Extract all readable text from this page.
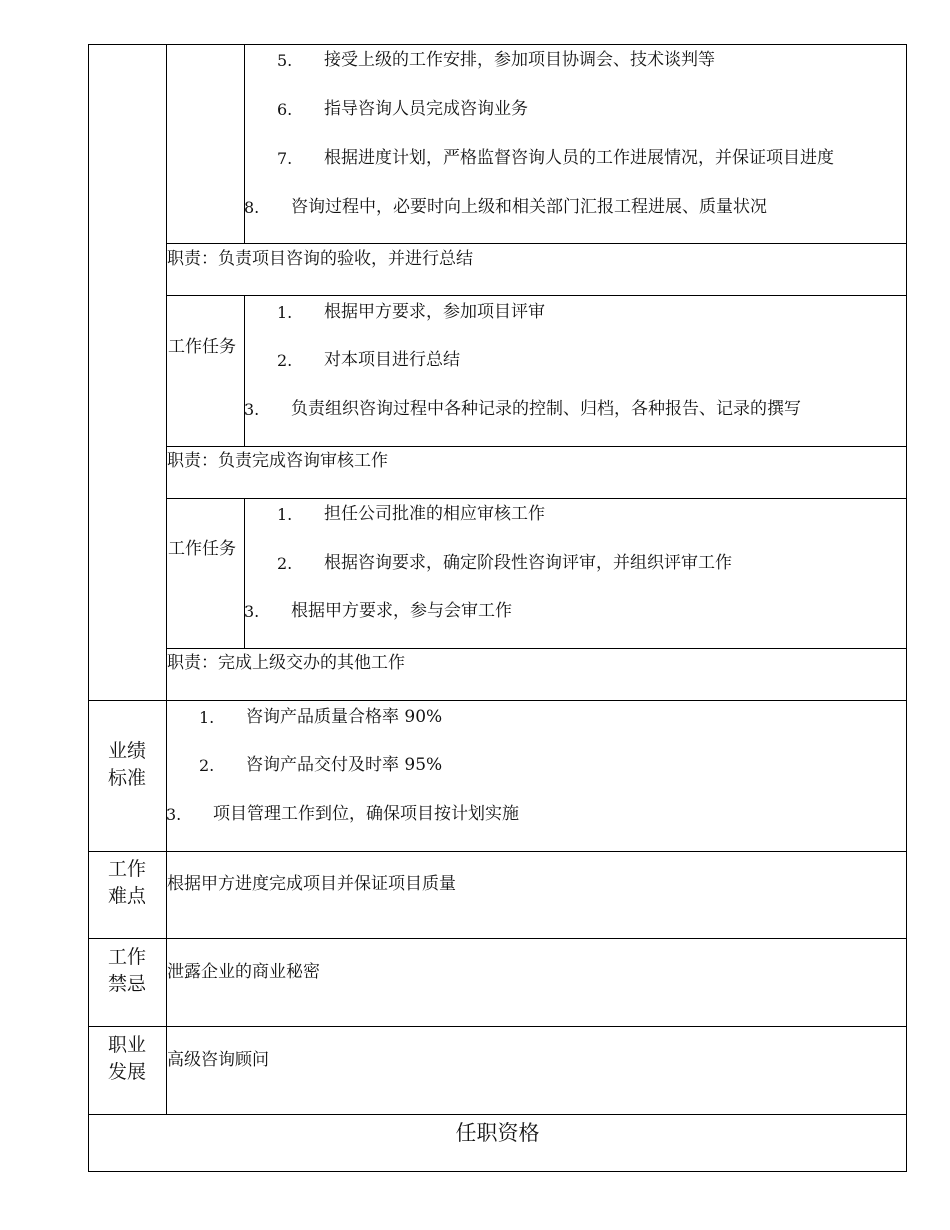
5. 接受上级的工作安排，参加项目协调会、技术谈判等
6. 指导咨询人员完成咨询业务
7. 根据进度计划，严格监督咨询人员的工作进展情况，并保证项目进度
8. 咨询过程中，必要时向上级和相关部门汇报工程进展、质量状况
职责：负责项目咨询的验收，并进行总结
工作任务
1. 根据甲方要求，参加项目评审
2. 对本项目进行总结
3. 负责组织咨询过程中各种记录的控制、归档，各种报告、记录的撰写
职责：负责完成咨询审核工作
工作任务
1. 担任公司批准的相应审核工作
2. 根据咨询要求，确定阶段性咨询评审，并组织评审工作
3. 根据甲方要求，参与会审工作
职责：完成上级交办的其他工作
业绩标准
1. 咨询产品质量合格率 90%
2. 咨询产品交付及时率 95%
3. 项目管理工作到位，确保项目按计划实施
工作难点
根据甲方进度完成项目并保证项目质量
工作禁忌
泄露企业的商业秘密
职业发展
高级咨询顾问
任职资格
